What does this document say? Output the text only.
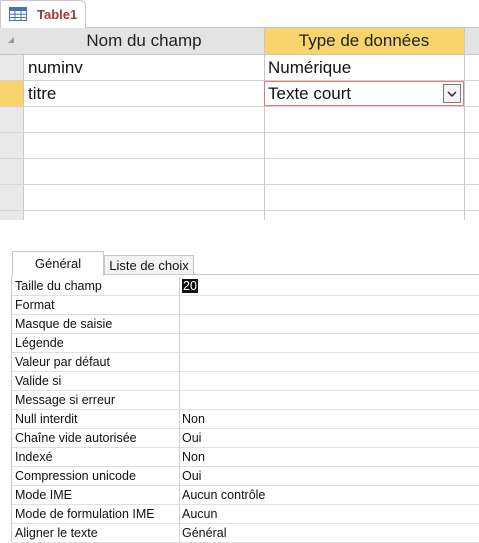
Table1
Nom du champ	Type de données
numinv	Numérique
titre	Texte court
Général	Liste de choix
Taille du champ	20
Format
Masque de saisie
Légende
Valeur par défaut
Valide si
Message si erreur
Null interdit	Non
Chaîne vide autorisée	Oui
Indexé	Non
Compression unicode	Oui
Mode IME	Aucun contrôle
Mode de formulation IME	Aucun
Aligner le texte	Général
